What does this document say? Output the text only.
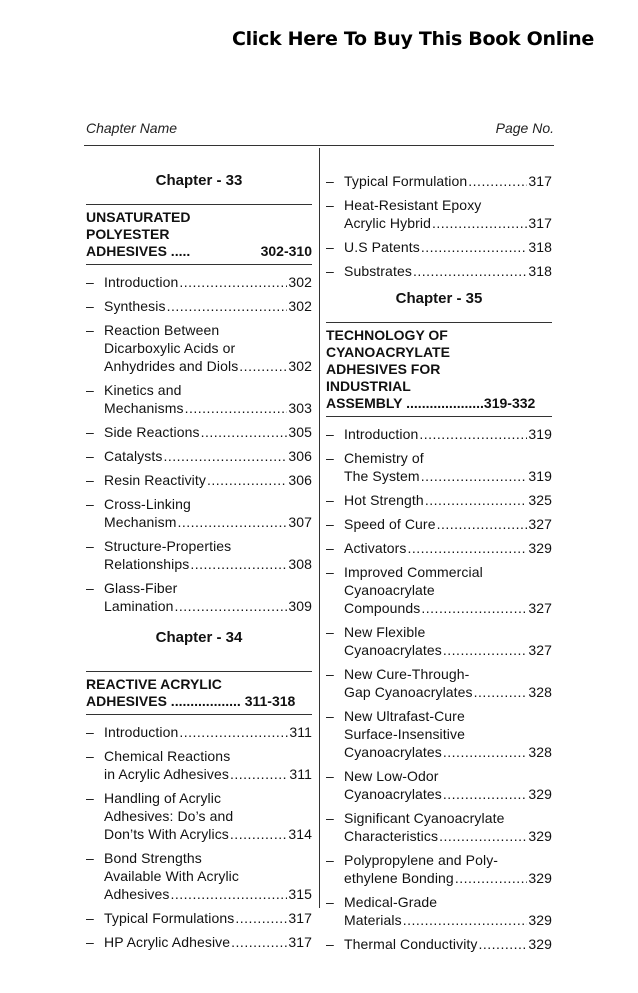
Click Here To Buy This Book Online
Chapter Name	Page No.
Chapter - 33
UNSATURATED
POLYESTER
ADHESIVES .....	302-310
– Introduction .....	302
– Synthesis .....	302
– Reaction Between
Dicarboxylic Acids or
Anhydrides and Diols .....	302
– Kinetics and
Mechanisms .....	303
– Side Reactions .....	305
– Catalysts .....	306
– Resin Reactivity .....	306
– Cross-Linking
Mechanism .....	307
– Structure-Properties
Relationships .....	308
– Glass-Fiber
Lamination .....	309
Chapter - 34
REACTIVE ACRYLIC
ADHESIVES .................. 311-318
– Introduction .....	311
– Chemical Reactions
in Acrylic Adhesives .....	311
– Handling of Acrylic
Adhesives: Do’s and
Don’ts With Acrylics .....	314
– Bond Strengths
Available With Acrylic
Adhesives .....	315
– Typical Formulations .....	317
– HP Acrylic Adhesive .....	317
– Typical Formulation .....	317
– Heat-Resistant Epoxy
Acrylic Hybrid .....	317
– U.S Patents .....	318
– Substrates .....	318
Chapter - 35
TECHNOLOGY OF
CYANOACRYLATE
ADHESIVES FOR
INDUSTRIAL
ASSEMBLY ....................319-332
– Introduction .....	319
– Chemistry of
The System .....	319
– Hot Strength .....	325
– Speed of Cure .....	327
– Activators .....	329
– Improved Commercial
Cyanoacrylate
Compounds .....	327
– New Flexible
Cyanoacrylates .....	327
– New Cure-Through-
Gap Cyanoacrylates .....	328
– New Ultrafast-Cure
Surface-Insensitive
Cyanoacrylates .....	328
– New Low-Odor
Cyanoacrylates .....	329
– Significant Cyanoacrylate
Characteristics .....	329
– Polypropylene and Poly-
ethylene Bonding .....	329
– Medical-Grade
Materials .....	329
– Thermal Conductivity .....	329
